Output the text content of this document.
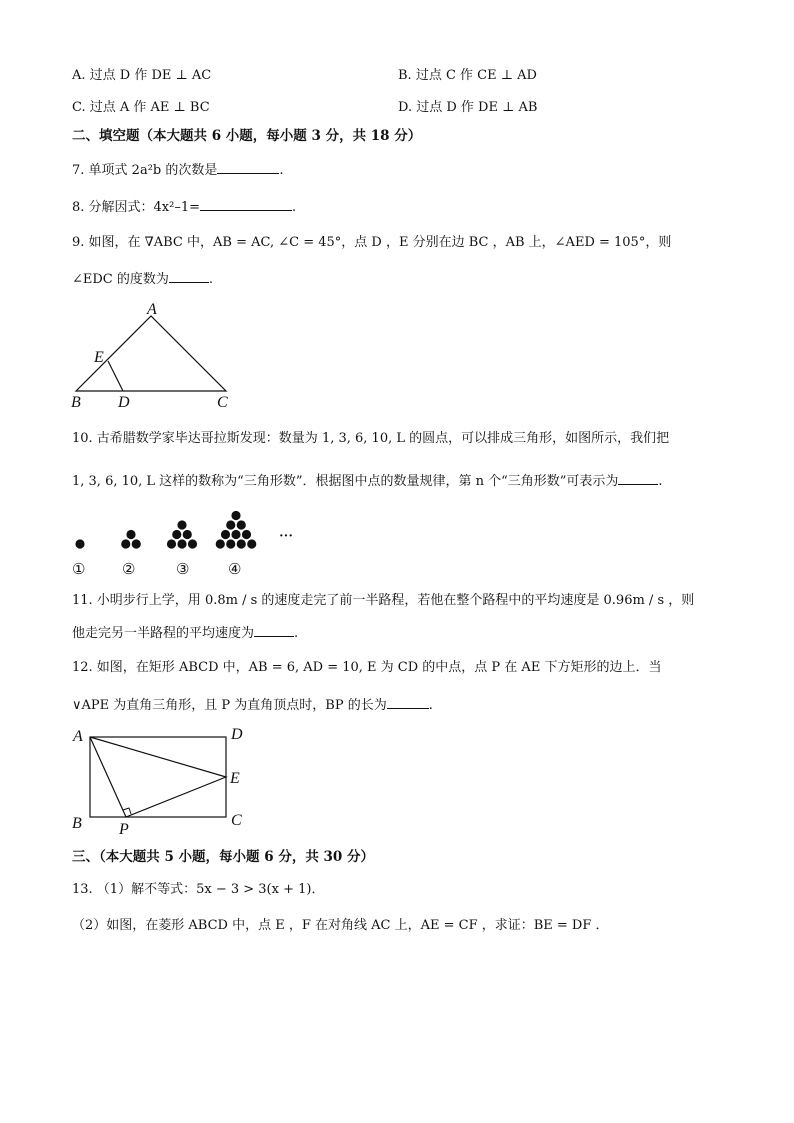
A. 过点 D 作 DE ⊥ AC	B. 过点 C 作 CE ⊥ AD
C. 过点 A 作 AE ⊥ BC	D. 过点 D 作 DE ⊥ AB
二、填空题（本大题共 6 小题，每小题 3 分，共 18 分）
7. 单项式 2a²b 的次数是	.
8. 分解因式：4x²–1=	.
9. 如图，在 ∇ABC 中，AB = AC, ∠C = 45°，点 D ，E 分别在边 BC ，AB 上，∠AED = 105°，则
∠EDC 的度数为	.
A
E
B D	C
10. 古希腊数学家毕达哥拉斯发现：数量为 1, 3, 6, 10, L 的圆点，可以排成三角形，如图所示，我们把
1, 3, 6, 10, L 这样的数称为“三角形数”．根据图中点的数量规律，第 n 个“三角形数”可表示为	.
···
① ②	③	④
11. 小明步行上学，用 0.8m / s 的速度走完了前一半路程，若他在整个路程中的平均速度是 0.96m / s ，则
他走完另一半路程的平均速度为	.
12. 如图，在矩形 ABCD 中，AB = 6, AD = 10, E 为 CD 的中点，点 P 在 AE 下方矩形的边上．当
∨APE 为直角三角形，且 P 为直角顶点时，BP 的长为	.
A	D
E
B P
C
三、（本大题共 5 小题，每小题 6 分，共 30 分）
13. （1）解不等式：5x − 3 > 3(x + 1)．
（2）如图，在菱形 ABCD 中，点 E ，F 在对角线 AC 上，AE = CF ，求证：BE = DF ．
